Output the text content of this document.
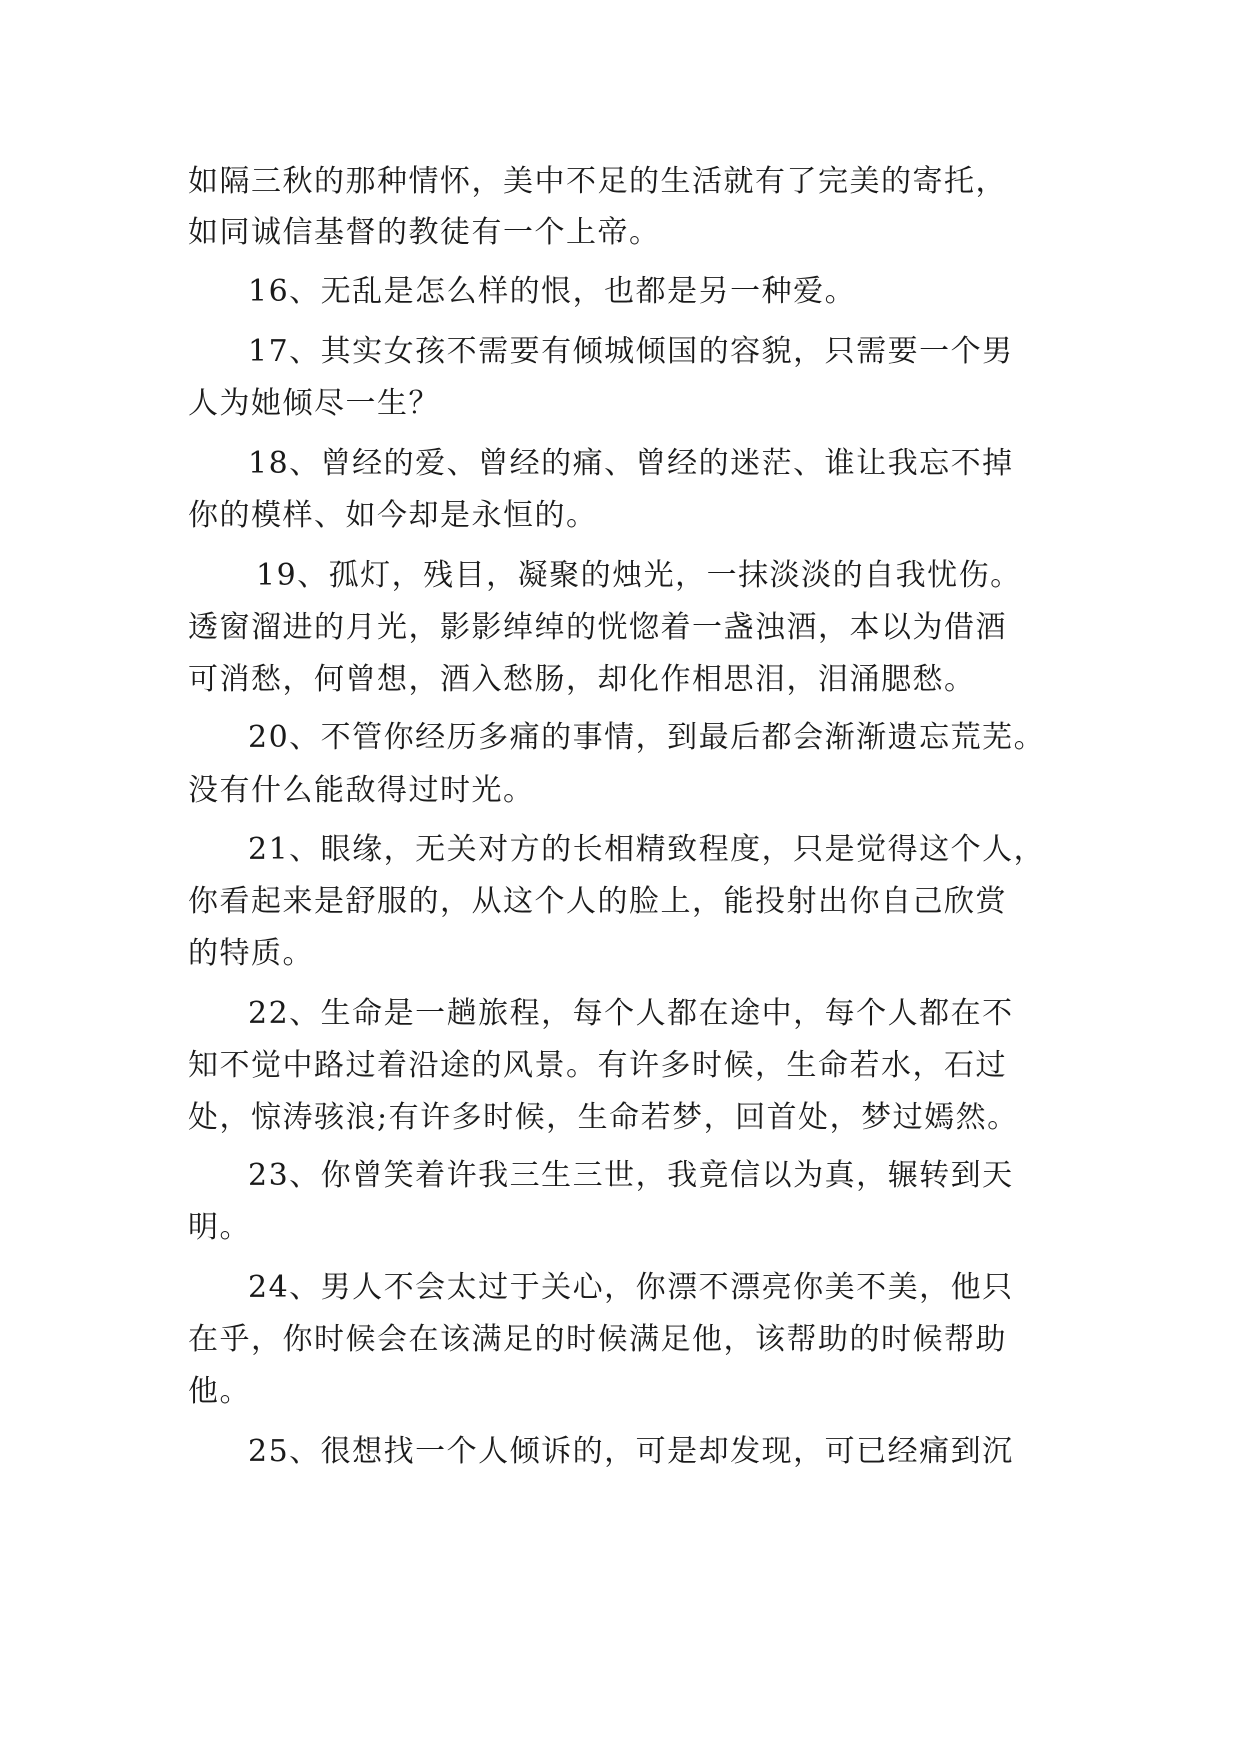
如隔三秋的那种情怀，美中不足的生活就有了完美的寄托，
如同诚信基督的教徒有一个上帝。
16、无乱是怎么样的恨，也都是另一种爱。
17、其实女孩不需要有倾城倾国的容貌，只需要一个男
人为她倾尽一生？
18、曾经的爱、曾经的痛、曾经的迷茫、谁让我忘不掉
你的模样、如今却是永恒的。
19、孤灯，残目，凝聚的烛光，一抹淡淡的自我忧伤。
透窗溜进的月光，影影绰绰的恍惚着一盏浊酒，本以为借酒
可消愁，何曾想，酒入愁肠，却化作相思泪，泪涌腮愁。
20、不管你经历多痛的事情，到最后都会渐渐遗忘荒芜。
没有什么能敌得过时光。
21、眼缘，无关对方的长相精致程度，只是觉得这个人，
你看起来是舒服的，从这个人的脸上，能投射出你自己欣赏
的特质。
22、生命是一趟旅程，每个人都在途中，每个人都在不
知不觉中路过着沿途的风景。有许多时候，生命若水，石过
处，惊涛骇浪;有许多时候，生命若梦，回首处，梦过嫣然。
23、你曾笑着许我三生三世，我竟信以为真，辗转到天
明。
24、男人不会太过于关心，你漂不漂亮你美不美，他只
在乎，你时候会在该满足的时候满足他，该帮助的时候帮助
他。
25、很想找一个人倾诉的，可是却发现，可已经痛到沉
